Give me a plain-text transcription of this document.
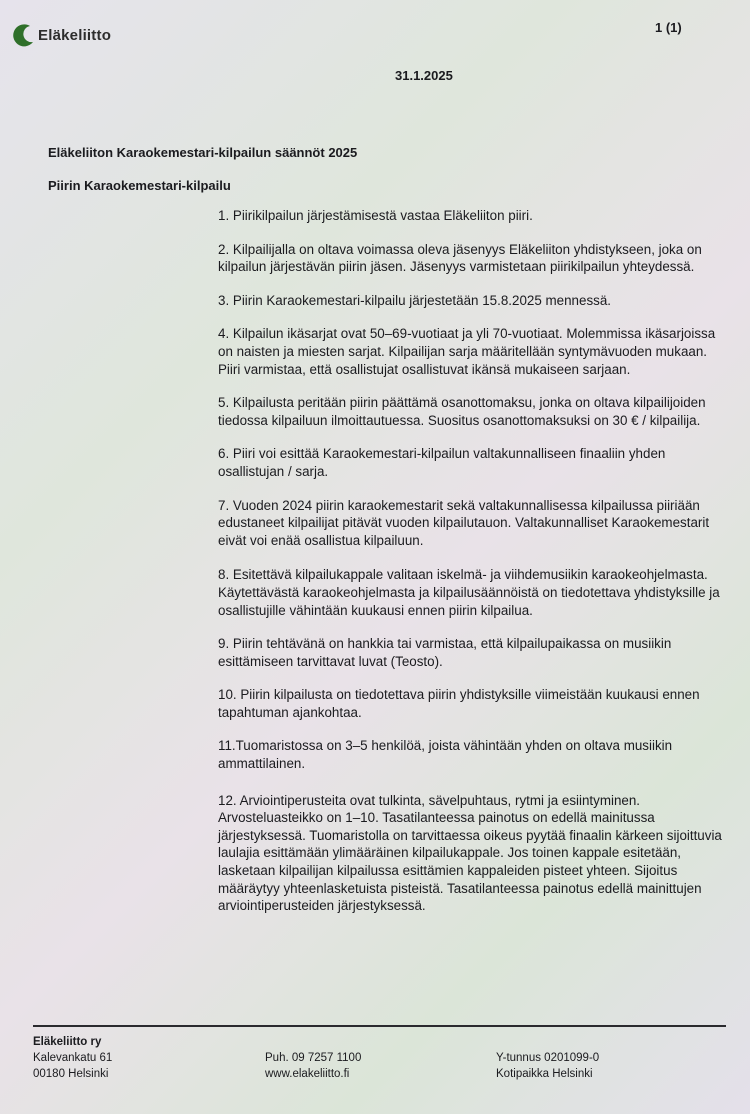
Eläkeliitto	1 (1)
31.1.2025
Eläkeliiton Karaokemestari-kilpailun säännöt 2025
Piirin Karaokemestari-kilpailu
1. Piirikilpailun järjestämisestä vastaa Eläkeliiton piiri.
2. Kilpailijalla on oltava voimassa oleva jäsenyys Eläkeliiton yhdistykseen, joka on kilpailun järjestävän piirin jäsen. Jäsenyys varmistetaan piirikilpailun yhteydessä.
3. Piirin Karaokemestari-kilpailu järjestetään 15.8.2025 mennessä.
4. Kilpailun ikäsarjat ovat 50–69-vuotiaat ja yli 70-vuotiaat. Molemmissa ikäsarjoissa on naisten ja miesten sarjat. Kilpailijan sarja määritellään syntymävuoden mukaan. Piiri varmistaa, että osallistujat osallistuvat ikänsä mukaiseen sarjaan.
5. Kilpailusta peritään piirin päättämä osanottomaksu, jonka on oltava kilpailijoiden tiedossa kilpailuun ilmoittautuessa. Suositus osanottomaksuksi on 30 € / kilpailija.
6. Piiri voi esittää Karaokemestari-kilpailun valtakunnalliseen finaaliin yhden osallistujan / sarja.
7. Vuoden 2024 piirin karaokemestarit sekä valtakunnallisessa kilpailussa piiriään edustaneet kilpailijat pitävät vuoden kilpailutauon. Valtakunnalliset Karaokemestarit eivät voi enää osallistua kilpailuun.
8. Esitettävä kilpailukappale valitaan iskelmä- ja viihdemusiikin karaokeohjelmasta. Käytettävästä karaokeohjelmasta ja kilpailusäännöistä on tiedotettava yhdistyksille ja osallistujille vähintään kuukausi ennen piirin kilpailua.
9. Piirin tehtävänä on hankkia tai varmistaa, että kilpailupaikassa on musiikin esittämiseen tarvittavat luvat (Teosto).
10. Piirin kilpailusta on tiedotettava piirin yhdistyksille viimeistään kuukausi ennen tapahtuman ajankohtaa.
11.Tuomaristossa on 3–5 henkilöä, joista vähintään yhden on oltava musiikin ammattilainen.
12. Arviointiperusteita ovat tulkinta, sävelpuhtaus, rytmi ja esiintyminen. Arvosteluasteikko on 1–10. Tasatilanteessa painotus on edellä mainitussa järjestyksessä. Tuomaristolla on tarvittaessa oikeus pyytää finaalin kärkeen sijoittuvia laulajia esittämään ylimääräinen kilpailukappale. Jos toinen kappale esitetään, lasketaan kilpailijan kilpailussa esittämien kappaleiden pisteet yhteen. Sijoitus määräytyy yhteenlasketuista pisteistä. Tasatilanteessa painotus edellä mainittujen arviointiperusteiden järjestyksessä.
Eläkeliitto ry
Kalevankatu 61
00180 Helsinki
Puh. 09 7257 1100
www.elakeliitto.fi
Y-tunnus 0201099-0
Kotipaikka Helsinki
